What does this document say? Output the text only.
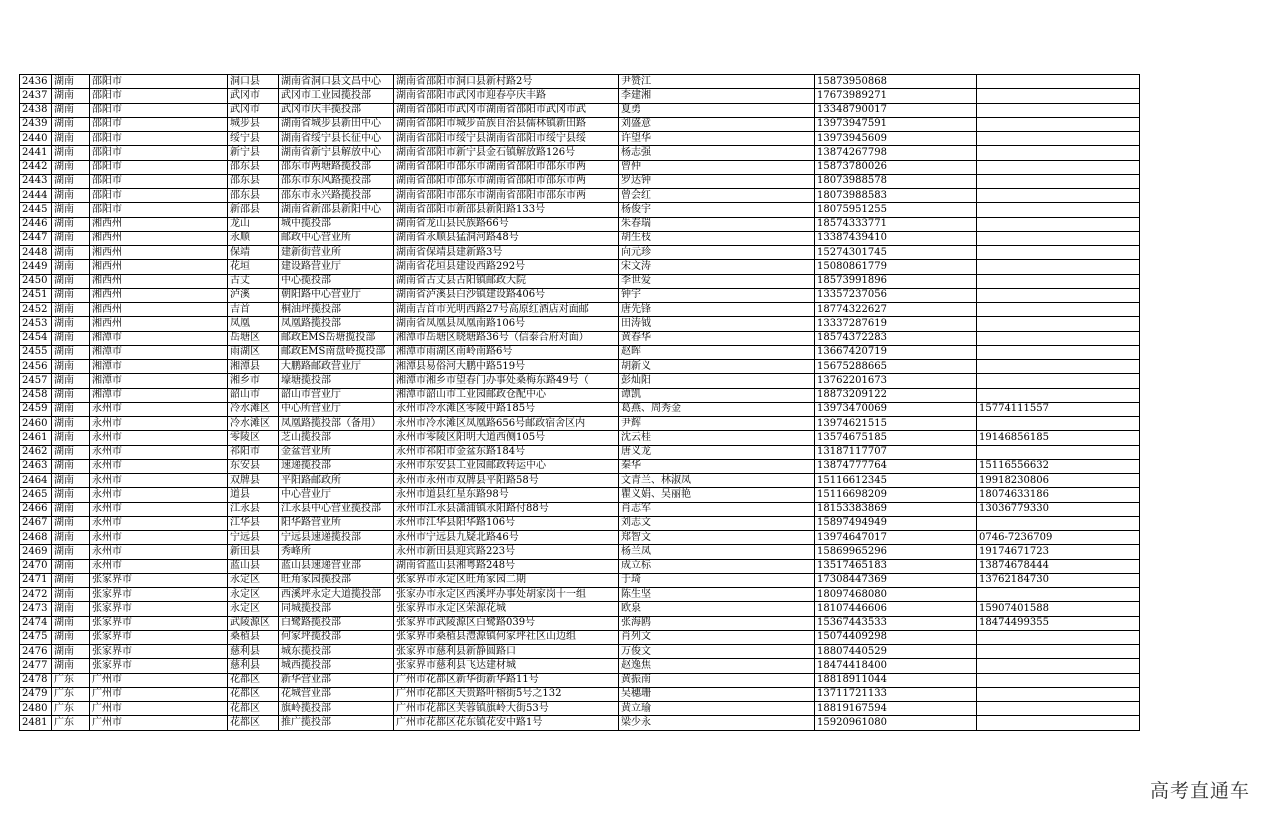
2436	湖南	邵阳市	洞口县	湖南省洞口县文昌中心	湖南省邵阳市洞口县新村路2号	尹赞江	15873950868	
2437	湖南	邵阳市	武冈市	武冈市工业园揽投部	湖南省邵阳市武冈市迎春亭庆丰路	李建湘	17673989271	
2438	湖南	邵阳市	武冈市	武冈市庆丰揽投部	湖南省邵阳市武冈市湖南省邵阳市武冈市武	夏勇	13348790017	
2439	湖南	邵阳市	城步县	湖南省城步县新田中心	湖南省邵阳市城步苗族自治县儒林镇新田路	刘盛意	13973947591	
2440	湖南	邵阳市	绥宁县	湖南省绥宁县长征中心	湖南省邵阳市绥宁县湖南省邵阳市绥宁县绥	许望华	13973945609	
2441	湖南	邵阳市	新宁县	湖南省新宁县解放中心	湖南省邵阳市新宁县金石镇解放路126号	杨志强	13874267798	
2442	湖南	邵阳市	邵东县	邵东市两塘路揽投部	湖南省邵阳市邵东市湖南省邵阳市邵东市两	曾仲	15873780026	
2443	湖南	邵阳市	邵东县	邵东市东风路揽投部	湖南省邵阳市邵东市湖南省邵阳市邵东市两	罗达钟	18073988578	
2444	湖南	邵阳市	邵东县	邵东市永兴路揽投部	湖南省邵阳市邵东市湖南省邵阳市邵东市两	曾会红	18073988583	
2445	湖南	邵阳市	新邵县	湖南省新邵县新阳中心	湖南省邵阳市新邵县新阳路133号	杨俊宇	18075951255	
2446	湖南	湘西州	龙山	城中揽投部	湖南省龙山县民族路66号	朱春瑞	18574333771	
2447	湖南	湘西州	永顺	邮政中心营业所	湖南省永顺县猛洞河路48号	胡生枝	13387439410	
2448	湖南	湘西州	保靖	建新街营业所	湖南省保靖县建新路3号	向元珍	15274301745	
2449	湖南	湘西州	花垣	建设路营业厅	湖南省花垣县建设西路292号	宋文涛	15080861779	
2450	湖南	湘西州	古丈	中心揽投部	湖南省古丈县古阳镇邮政大院	李世爱	18573991896	
2451	湖南	湘西州	泸溪	朝阳路中心营业厅	湖南省泸溪县白沙镇建设路406号	钟宇	13357237056	
2452	湖南	湘西州	吉首	桐油坪揽投部	湖南吉首市光明西路27号高原红酒店对面邮	唐先锋	18774322627	
2453	湖南	湘西州	凤凰	凤凰路揽投部	湖南省凤凰县凤凰南路106号	田涛钺	13337287619	
2454	湖南	湘潭市	岳塘区	邮政EMS岳塘揽投部	湘潭市岳塘区晓塘路36号（信泰合府对面）	黄春华	18574372283	
2455	湖南	湘潭市	雨湖区	邮政EMS南盘岭揽投部	湘潭市雨湖区南岭南路6号	赵晖	13667420719	
2456	湖南	湘潭市	湘潭县	大鹏路邮政营业厅	湘潭县易俗河大鹏中路519号	胡新义	15675288665	
2457	湖南	湘潭市	湘乡市	壕塘揽投部	湘潭市湘乡市望春门办事处桑梅东路49号（	彭灿阳	13762201673	
2458	湖南	湘潭市	韶山市	韶山市营业厅	湘潭市韶山市工业园邮政仓配中心	谭凯	18873209122	
2459	湖南	永州市	冷水滩区	中心所营业厅	永州市冷水滩区零陵中路185号	葛燕、周秀金	13973470069	15774111557
2460	湖南	永州市	冷水滩区	凤凰路揽投部（备用）	永州市冷水滩区凤凰路656号邮政宿舍区内	尹辉	13974621515	
2461	湖南	永州市	零陵区	芝山揽投部	永州市零陵区阳明大道西侧105号	沈云桂	13574675185	19146856185
2462	湖南	永州市	祁阳市	金盆营业所	永州市祁阳市金盆东路184号	唐义龙	13187117707	
2463	湖南	永州市	东安县	速递揽投部	永州市东安县工业园邮政转运中心	秦华	13874777764	15116556632
2464	湖南	永州市	双牌县	平阳路邮政所	永州市永州市双牌县平阳路58号	文青兰、林淑凤	15116612345	19918230806
2465	湖南	永州市	道县	中心营业厅	永州市道县红星东路98号	瞿义娟、吴丽艳	15116698209	18074633186
2466	湖南	永州市	江永县	江永县中心营业揽投部	永州市江永县潇浦镇永阳路付88号	肖志军	18153383869	13036779330
2467	湖南	永州市	江华县	阳华路营业所	永州市江华县阳华路106号	刘志文	15897494949	
2468	湖南	永州市	宁远县	宁远县速递揽投部	永州市宁远县九疑北路46号	郑智文	13974647017	0746-7236709
2469	湖南	永州市	新田县	秀峰所	永州市新田县迎宾路223号	杨兰凤	15869965296	19174671723
2470	湖南	永州市	蓝山县	蓝山县速递营业部	湖南省蓝山县湘粤路248号	成立标	13517465183	13874678444
2471	湖南	张家界市	永定区	旺角家园揽投部	张家界市永定区旺角家园二期	于琦	17308447369	13762184730
2472	湖南	张家界市	永定区	西溪坪永定大道揽投部	张家办市永定区西溪坪办事处胡家岗十一组	陈生坚	18097468080	
2473	湖南	张家界市	永定区	同城揽投部	张家界市永定区荣源花城	欧泉	18107446606	15907401588
2474	湖南	张家界市	武陵源区	白鹭路揽投部	张家界市武陵源区白鹭路039号	张海鸥	15367443533	18474499355
2475	湖南	张家界市	桑植县	何家坪揽投部	张家界市桑植县澧源镇何家坪社区山边组	肖列文	15074409298	
2476	湖南	张家界市	慈利县	城东揽投部	张家界市慈利县新静圆路口	万俊文	18807440529	
2477	湖南	张家界市	慈利县	城西揽投部	张家界市慈利县飞达建材城	赵逸焦	18474418400	
2478	广东	广州市	花都区	新华营业部	广州市花都区新华街新华路11号	黄振南	18818911044	
2479	广东	广州市	花都区	花城营业部	广州市花都区天贵路叶榕街5号之132	吴穗珊	13711721133	
2480	广东	广州市	花都区	旗岭揽投部	广州市花都区芙蓉镇旗岭大街53号	黄立瑜	18819167594	
2481	广东	广州市	花都区	推广揽投部	广州市花都区花东镇花安中路1号	梁少永	15920961080	
高考直通车
